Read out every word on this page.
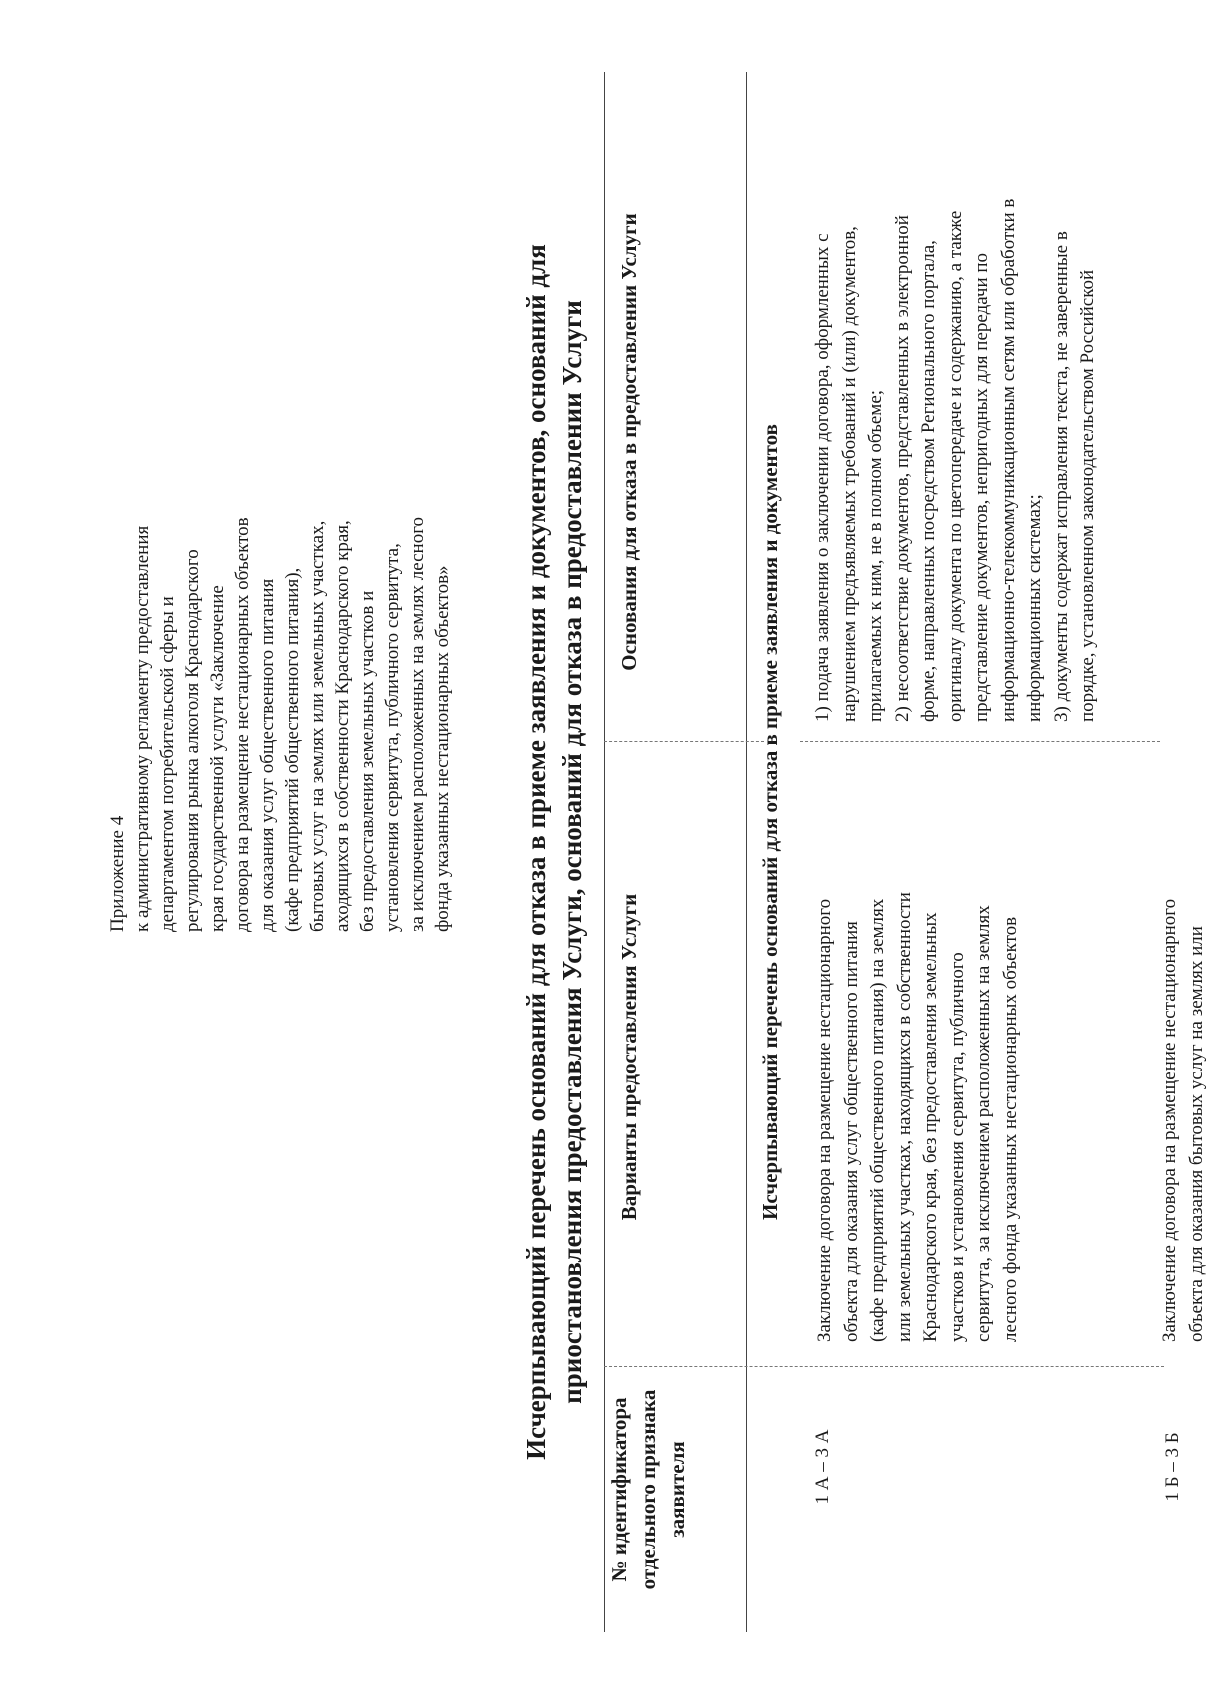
Приложение 4 к административному регламенту предоставления департаментом потребительской сферы и регулирования рынка алкоголя Краснодарского края государственной услуги «Заключение договора на размещение нестационарных объектов для оказания услуг общественного питания (кафе предприятий общественного питания), бытовых услуг на землях или земельных участках, аходящихся в собственности Краснодарского края, без предоставления земельных участков и установления сервитута, публичного сервитута, за исключением расположенных на землях лесного фонда указанных нестационарных объектов»	Исчерпывающий перечень оснований для отказа в приеме заявления и документов, оснований для приостановления предоставления Услуги, оснований для отказа в предоставлении Услуги
№ идентификатора отдельного признака заявителя
Варианты предоставления Услуги
Основания для отказа в предоставлении Услуги	Исчерпывающий перечень оснований для отказа в приеме заявления и документов
1 А – 3 А
Заключение договора на размещение нестационарного объекта для оказания услуг общественного питания (кафе предприятий общественного питания) на землях или земельных участках, находящихся в собственности Краснодарского края, без предоставления земельных участков и установления сервитута, публичного сервитута, за исключением расположенных на землях лесного фонда указанных нестационарных объектов
1 Б – 3 Б
Заключение договора на размещение нестационарного объекта для оказания бытовых услуг на землях или
1) подача заявления о заключении договора, оформленных с нарушением предъявляемых требований и (или) документов, прилагаемых к ним, не в полном объеме; 2) несоответствие документов, представленных в электронной форме, направленных посредством Регионального портала, оригиналу документа по цветопередаче и содержанию, а также представление документов, непригодных для передачи по информационно-телекоммуникационным сетям или обработки в информационных системах; 3) документы содержат исправления текста, не заверенные в порядке, установленном законодательством Российской
